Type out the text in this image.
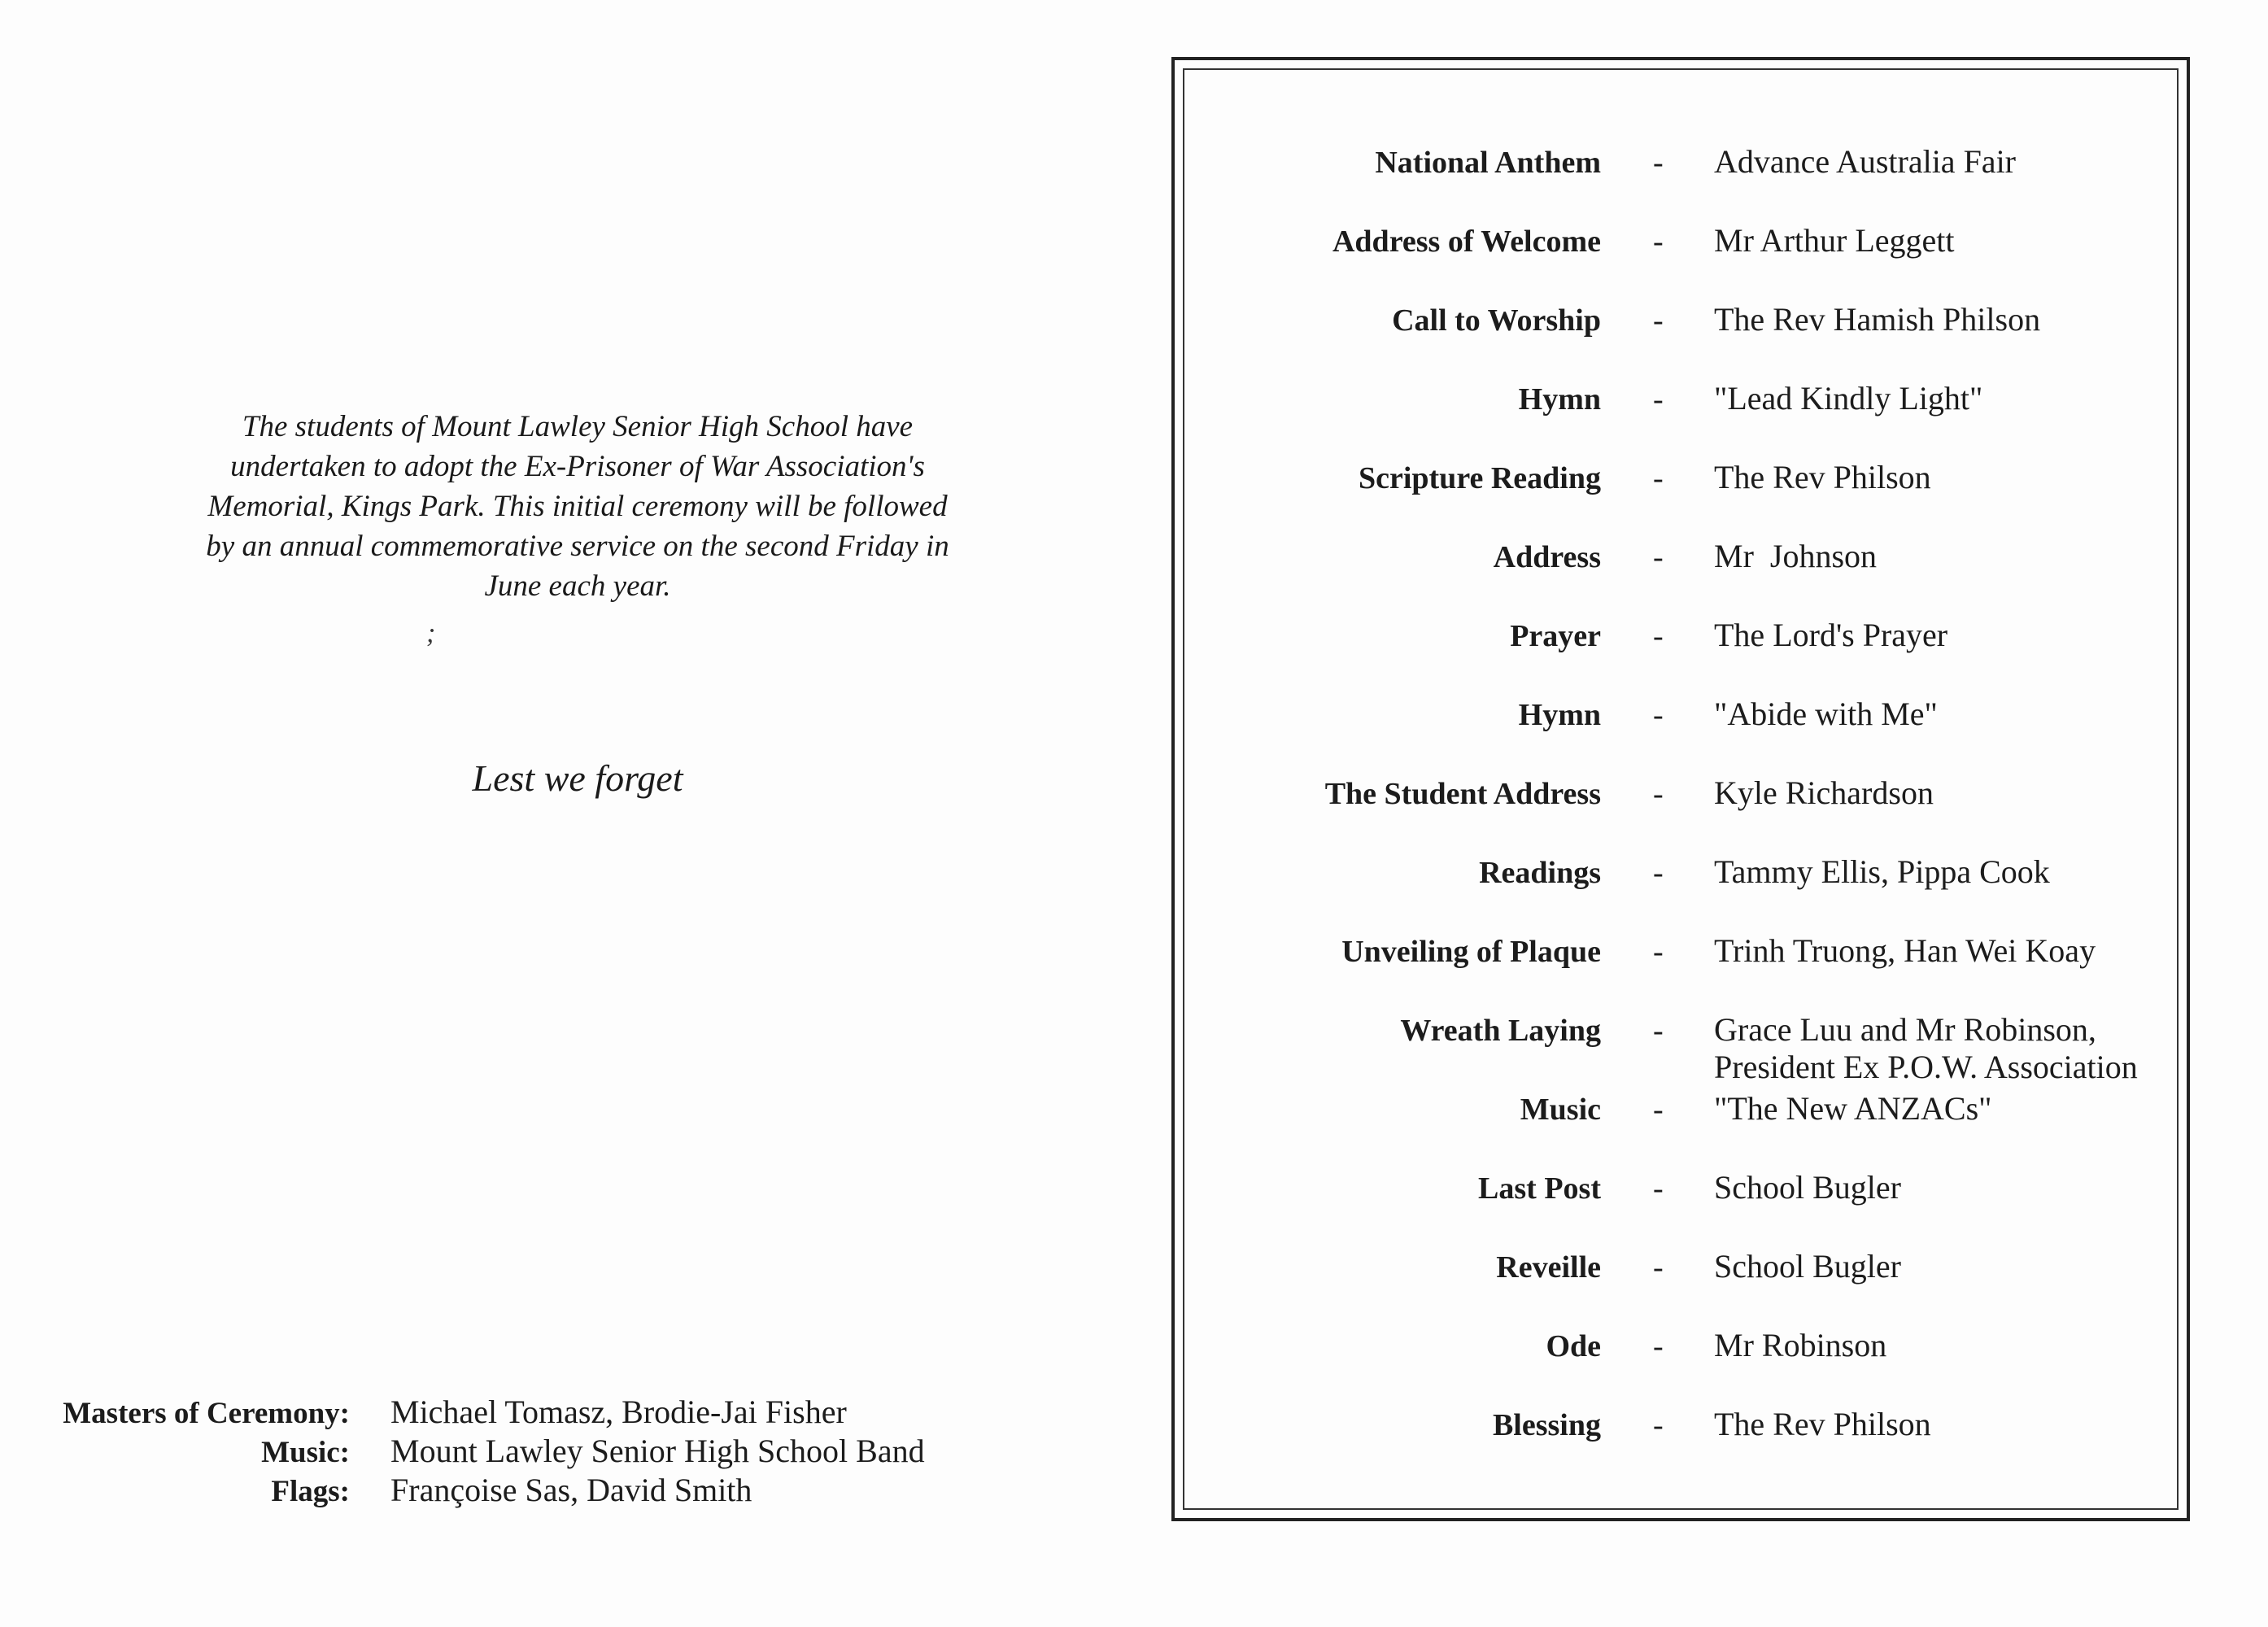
The students of Mount Lawley Senior High School have
undertaken to adopt the Ex-Prisoner of War Association's
Memorial, Kings Park. This initial ceremony will be followed
by an annual commemorative service on the second Friday in
June each year.
;
Lest we forget
Masters of Ceremony:	Michael Tomasz, Brodie-Jai Fisher
Music:	Mount Lawley Senior High School Band
Flags:	Françoise Sas, David Smith
National Anthem - Advance Australia Fair
Address of Welcome - Mr Arthur Leggett
Call to Worship - The Rev Hamish Philson
Hymn - "Lead Kindly Light"
Scripture Reading - The Rev Philson
Address - Mr  Johnson
Prayer - The Lord's Prayer
Hymn - "Abide with Me"
The Student Address - Kyle Richardson
Readings - Tammy Ellis, Pippa Cook
Unveiling of Plaque - Trinh Truong, Han Wei Koay
Wreath Laying - Grace Luu and Mr Robinson,
President Ex P.O.W. Association
Music - "The New ANZACs"
Last Post - School Bugler
Reveille - School Bugler
Ode - Mr Robinson
Blessing - The Rev Philson
